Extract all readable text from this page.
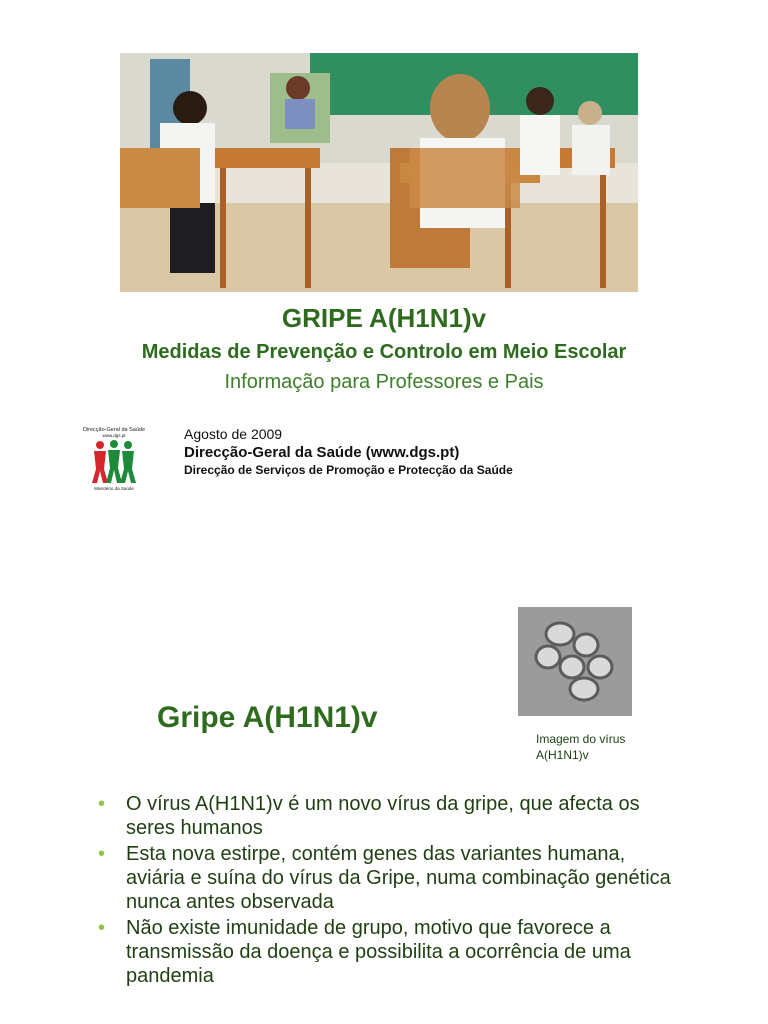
GRIPE A(H1N1)v
Medidas de Prevenção e Controlo em Meio Escolar
Informação para Professores e Pais
Direcção-Geral da Saúde
www.dgs.pt
Ministério da Saúde
Agosto de 2009
Direcção-Geral da Saúde (www.dgs.pt)
Direcção de Serviços de Promoção e Protecção da Saúde
Imagem do vírus A(H1N1)v
Gripe A(H1N1)v
• O vírus A(H1N1)v é um novo vírus da gripe, que afecta os seres humanos
• Esta nova estirpe, contém genes das variantes humana, aviária e suína do vírus da Gripe, numa combinação genética nunca antes observada
• Não existe imunidade de grupo, motivo que favorece a transmissão da doença e possibilita a ocorrência de uma pandemia
